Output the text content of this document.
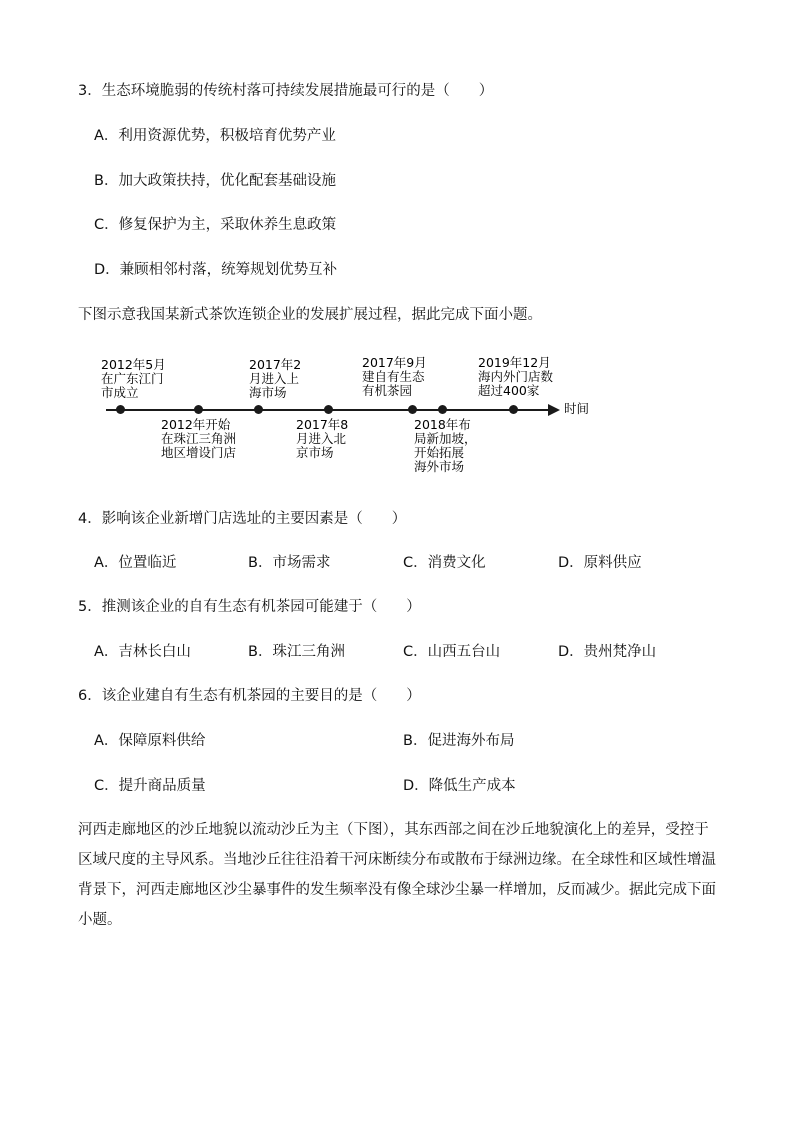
3．生态环境脆弱的传统村落可持续发展措施最可行的是（　　）
A．利用资源优势，积极培育优势产业
B．加大政策扶持，优化配套基础设施
C．修复保护为主，采取休养生息政策
D．兼顾相邻村落，统筹规划优势互补
下图示意我国某新式茶饮连锁企业的发展扩展过程，据此完成下面小题。
时间
2012年5月
在广东江门
市成立
2012年开始
在珠江三角洲
地区增设门店
2017年2
月进入上
海市场
2017年8
月进入北
京市场
2017年9月
建自有生态
有机茶园
2018年布
局新加坡，
开始拓展
海外市场
2019年12月
海内外门店数
超过400家
4．影响该企业新增门店选址的主要因素是（　　）
A．位置临近	B．市场需求	C．消费文化	D．原料供应
5．推测该企业的自有生态有机茶园可能建于（　　）
A．吉林长白山	B．珠江三角洲	C．山西五台山	D．贵州梵净山
6．该企业建自有生态有机茶园的主要目的是（　　）
A．保障原料供给	B．促进海外布局
C．提升商品质量	D．降低生产成本
河西走廊地区的沙丘地貌以流动沙丘为主（下图），其东西部之间在沙丘地貌演化上的差异，受控于区域尺度的主导风系。当地沙丘往往沿着干河床断续分布或散布于绿洲边缘。在全球性和区域性增温背景下，河西走廊地区沙尘暴事件的发生频率没有像全球沙尘暴一样增加，反而减少。据此完成下面小题。
